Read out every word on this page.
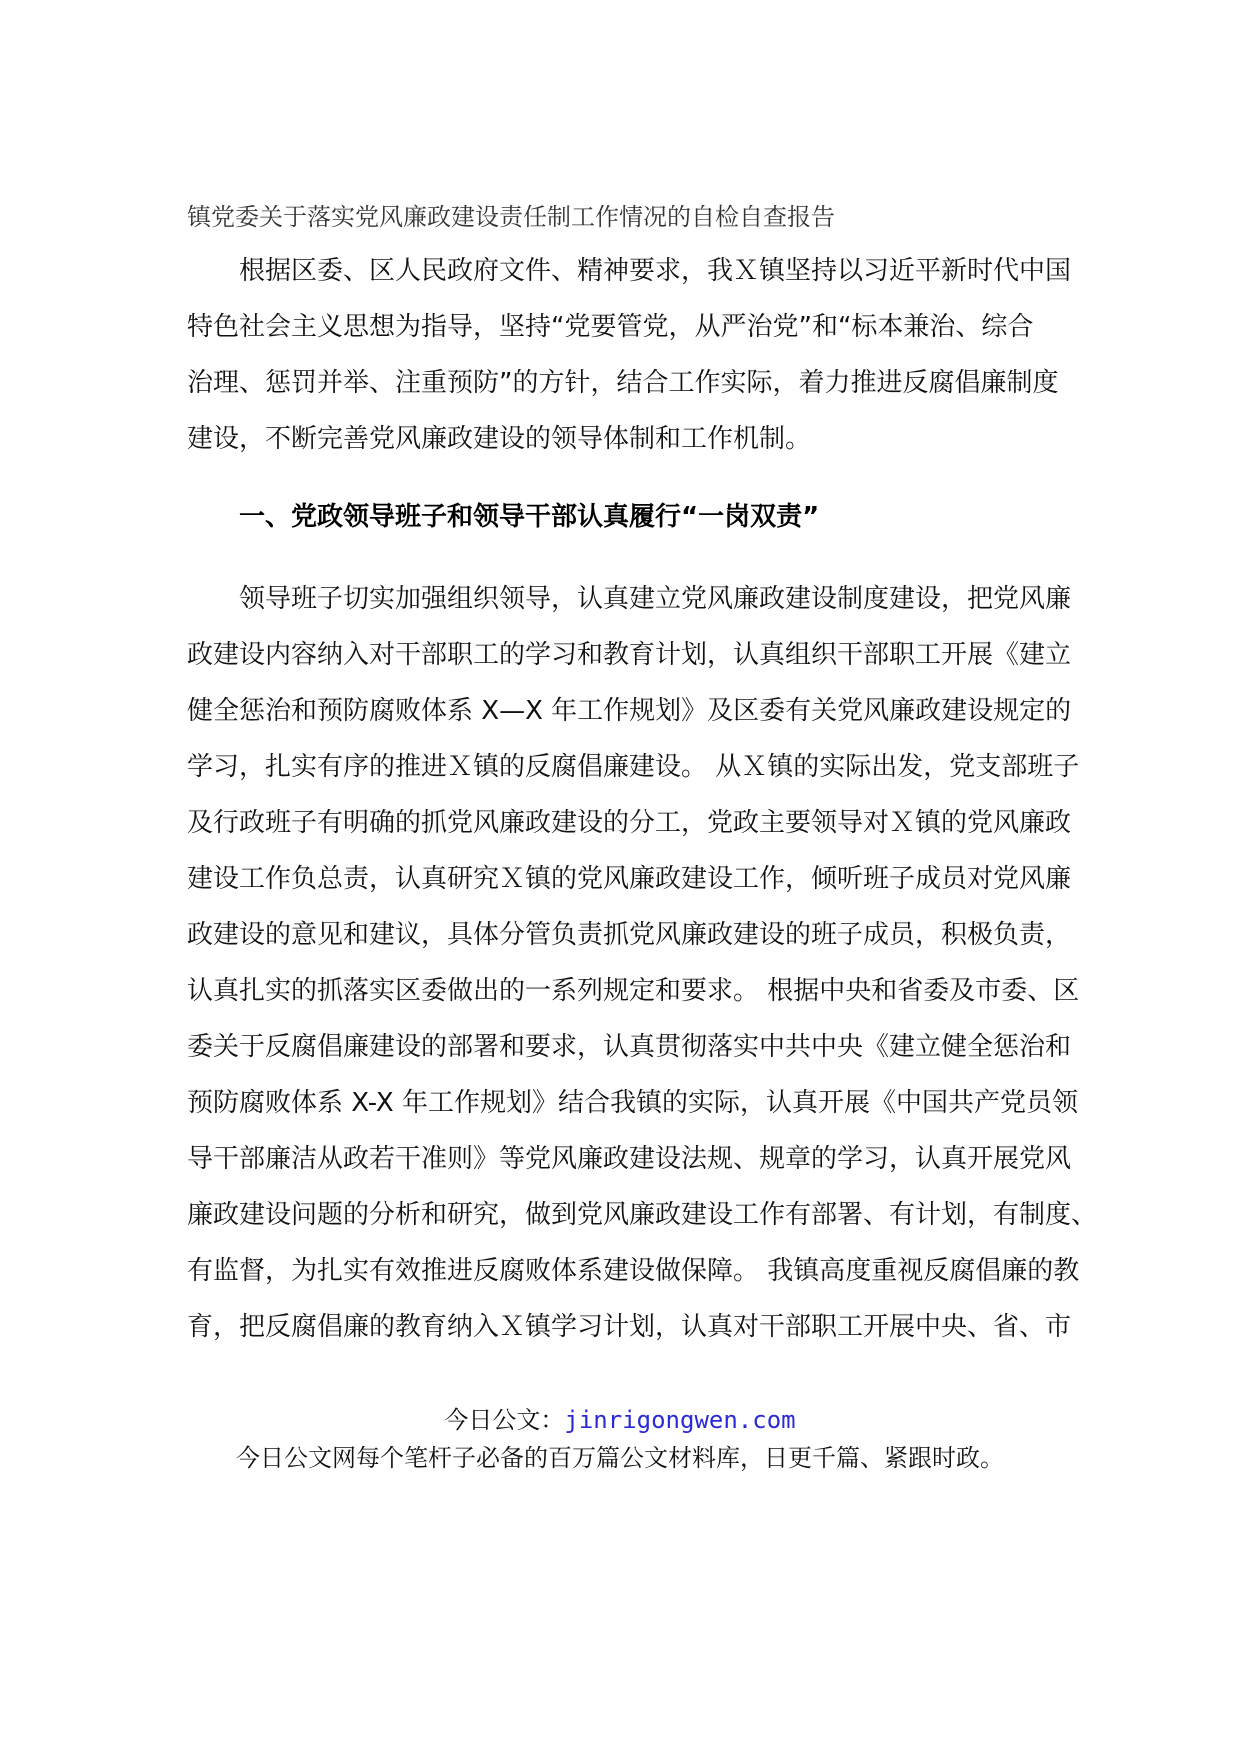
镇党委关于落实党风廉政建设责任制工作情况的自检自查报告

根据区委、区人民政府文件、精神要求，我Ｘ镇坚持以习近平新时代中国

特色社会主义思想为指导，坚持“党要管党，从严治党”和“标本兼治、综合

治理、惩罚并举、注重预防”的方针，结合工作实际，着力推进反腐倡廉制度

建设，不断完善党风廉政建设的领导体制和工作机制。

一、党政领导班子和领导干部认真履行“一岗双责”

领导班子切实加强组织领导，认真建立党风廉政建设制度建设，把党风廉

政建设内容纳入对干部职工的学习和教育计划，认真组织干部职工开展《建立

健全惩治和预防腐败体系 X—X 年工作规划》及区委有关党风廉政建设规定的

学习，扎实有序的推进Ｘ镇的反腐倡廉建设。 从Ｘ镇的实际出发，党支部班子

及行政班子有明确的抓党风廉政建设的分工，党政主要领导对Ｘ镇的党风廉政

建设工作负总责，认真研究Ｘ镇的党风廉政建设工作，倾听班子成员对党风廉

政建设的意见和建议，具体分管负责抓党风廉政建设的班子成员，积极负责，

认真扎实的抓落实区委做出的一系列规定和要求。 根据中央和省委及市委、区

委关于反腐倡廉建设的部署和要求，认真贯彻落实中共中央《建立健全惩治和

预防腐败体系 X-X 年工作规划》结合我镇的实际，认真开展《中国共产党员领

导干部廉洁从政若干准则》等党风廉政建设法规、规章的学习，认真开展党风

廉政建设问题的分析和研究，做到党风廉政建设工作有部署、有计划，有制度、

有监督，为扎实有效推进反腐败体系建设做保障。 我镇高度重视反腐倡廉的教

育，把反腐倡廉的教育纳入Ｘ镇学习计划，认真对干部职工开展中央、省、市

今日公文：jinrigongwen.com
今日公文网每个笔杆子必备的百万篇公文材料库，日更千篇、紧跟时政。
